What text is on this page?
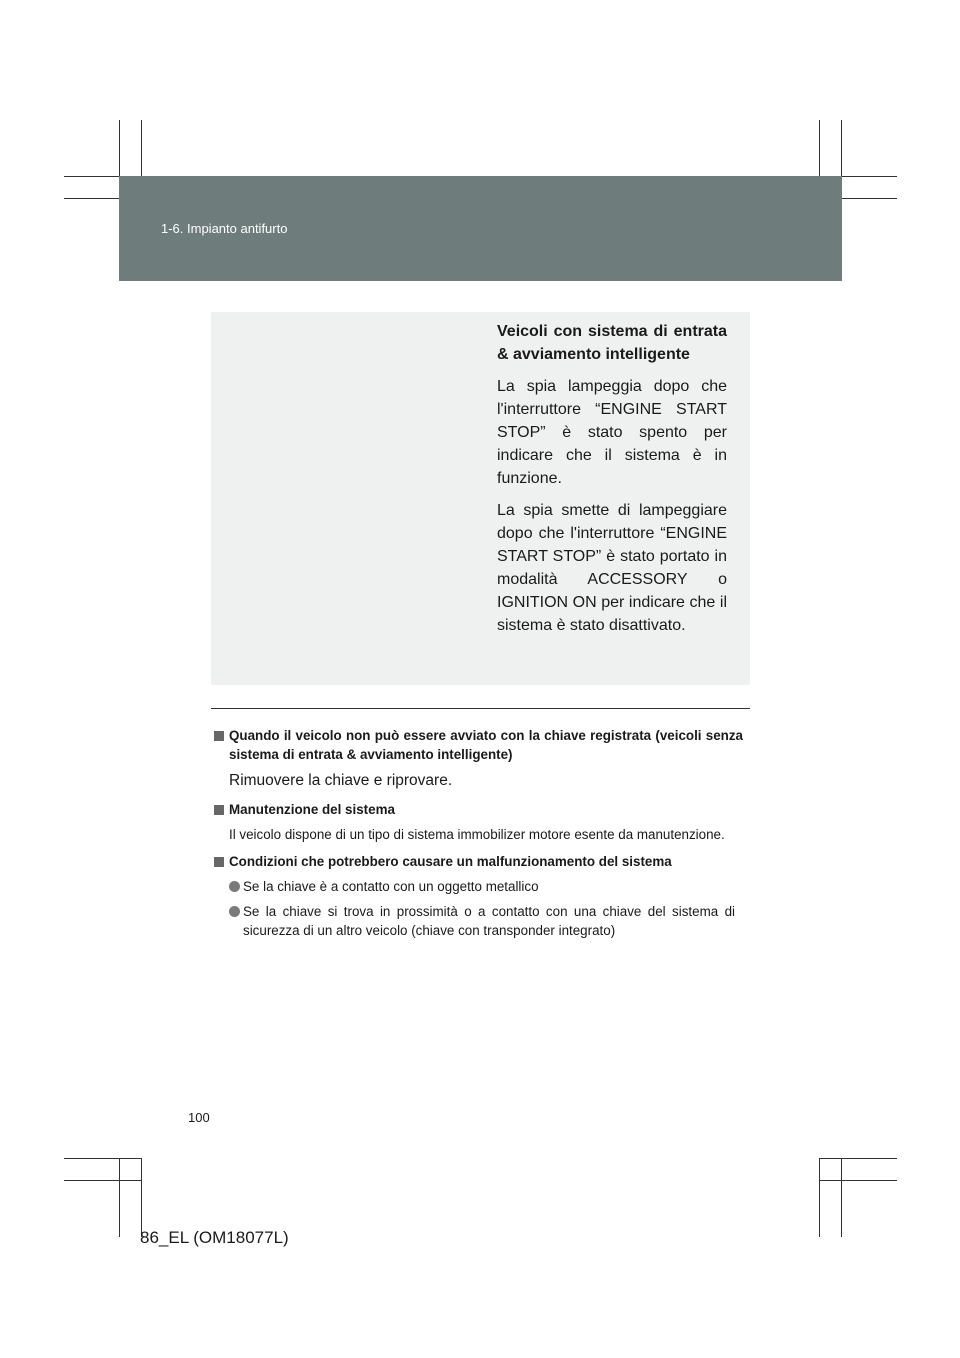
1-6. Impianto antifurto

Veicoli con sistema di entrata & avviamento intelligente

La spia lampeggia dopo che l'interruttore “ENGINE START STOP” è stato spento per indicare che il sistema è in funzione.

La spia smette di lampeggiare dopo che l'interruttore “ENGINE START STOP” è stato portato in modalità ACCESSORY o IGNITION ON per indicare che il sistema è stato disattivato.

Quando il veicolo non può essere avviato con la chiave registrata (veicoli senza sistema di entrata & avviamento intelligente)

Rimuovere la chiave e riprovare.

Manutenzione del sistema

Il veicolo dispone di un tipo di sistema immobilizer motore esente da manutenzione.

Condizioni che potrebbero causare un malfunzionamento del sistema
Se la chiave è a contatto con un oggetto metallico
Se la chiave si trova in prossimità o a contatto con una chiave del sistema di sicurezza di un altro veicolo (chiave con transponder integrato)
100
86_EL (OM18077L)
